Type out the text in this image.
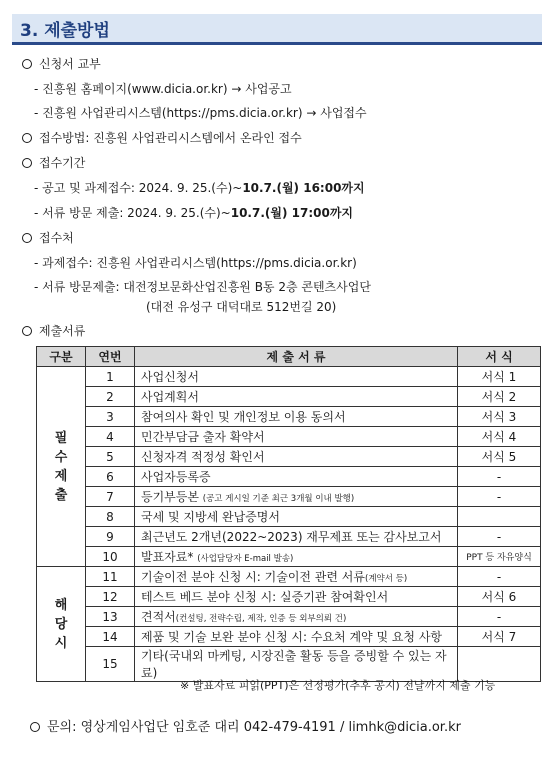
3. 제출방법
신청서 교부
- 진흥원 홈페이지(www.dicia.or.kr) → 사업공고
- 진흥원 사업관리시스템(https://pms.dicia.or.kr) → 사업접수
접수방법: 진흥원 사업관리시스템에서 온라인 접수
접수기간
- 공고 및 과제접수: 2024. 9. 25.(수)~10.7.(월) 16:00까지
- 서류 방문 제출: 2024. 9. 25.(수)~10.7.(월) 17:00까지
접수처
- 과제접수: 진흥원 사업관리시스템(https://pms.dicia.or.kr)
- 서류 방문제출: 대전정보문화산업진흥원 B동 2층 콘텐츠사업단
(대전 유성구 대덕대로 512번길 20)
제출서류
구분	연번	제 출 서 류	서 식
필
수
제
출	1	사업신청서	서식 1
	2	사업계획서	서식 2
	3	참여의사 확인 및 개인정보 이용 동의서	서식 3
	4	민간부담금 출자 확약서	서식 4
	5	신청자격 적정성 확인서	서식 5
	6	사업자등록증	-
	7	등기부등본 (공고 게시일 기준 최근 3개월 이내 발행)	-
	8	국세 및 지방세 완납증명서	
	9	최근년도 2개년(2022~2023) 재무제표 또는 감사보고서	-
	10	발표자료* (사업담당자 E-mail 발송)	PPT 등 자유양식
해
당
시	11	기술이전 분야 신청 시: 기술이전 관련 서류(계약서 등)	-
	12	테스트 베드 분야 신청 시: 실증기관 참여확인서	서식 6
	13	견적서(컨설팅, 전략수립, 제작, 인증 등 외부의뢰 건)	-
	14	제품 및 기술 보완 분야 신청 시: 수요처 계약 및 요청 사항	서식 7
	15	기타(국내외 마케팅, 시장진출 활동 등을 증빙할 수 있는 자료)	
※ 발표자료 피읽(PPT)은 선정평가(추후 공지) 전날까지 제출 기능
문의: 영상게임사업단 임호준 대리 042-479-4191 / limhk@dicia.or.kr
